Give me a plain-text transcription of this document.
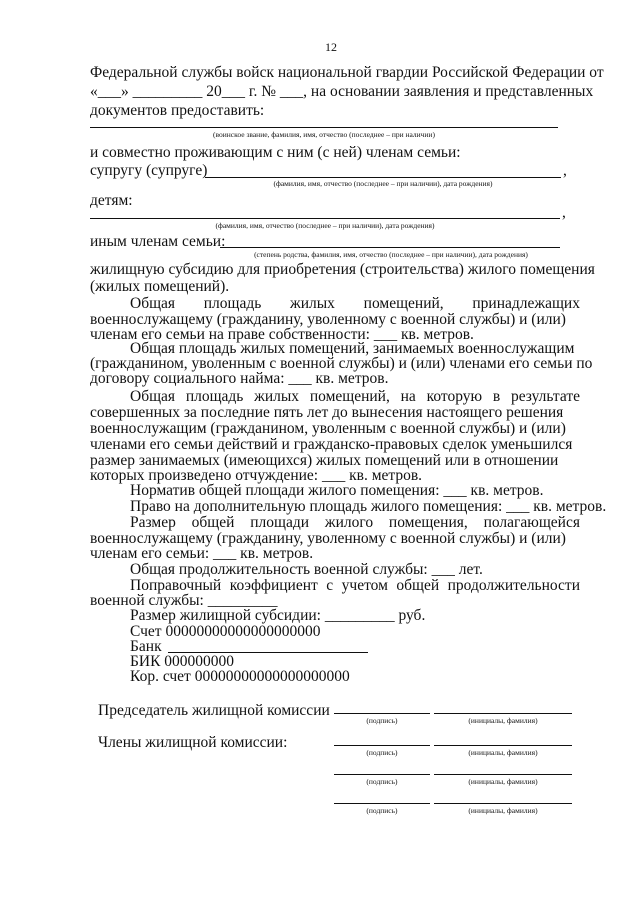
12
Федеральной службы войск национальной гвардии Российской Федерации от
«___» _________ 20___ г. № ___, на основании заявления и представленных
документов предоставить:
(воинское звание, фамилия, имя, отчество (последнее – при наличии)
и совместно проживающим с ним (с ней) членам семьи:
супругу (супруге)	,
(фамилия, имя, отчество (последнее – при наличии), дата рождения)
детям:
,
(фамилия, имя, отчество (последнее – при наличии), дата рождения)
иным членам семьи:
(степень родства, фамилия, имя, отчество (последнее – при наличии), дата рождения)
жилищную субсидию для приобретения (строительства) жилого помещения
(жилых помещений).
Общая площадь жилых помещений, принадлежащих
военнослужащему (гражданину, уволенному с военной службы) и (или)
членам его семьи на праве собственности: ___ кв. метров.
Общая площадь жилых помещений, занимаемых военнослужащим
(гражданином, уволенным с военной службы) и (или) членами его семьи по
договору социального найма: ___ кв. метров.
Общая площадь жилых помещений, на которую в результате
совершенных за последние пять лет до вынесения настоящего решения
военнослужащим (гражданином, уволенным с военной службы) и (или)
членами его семьи действий и гражданско-правовых сделок уменьшился
размер занимаемых (имеющихся) жилых помещений или в отношении
которых произведено отчуждение: ___ кв. метров.
Норматив общей площади жилого помещения: ___ кв. метров.
Право на дополнительную площадь жилого помещения: ___ кв. метров.
Размер общей площади жилого помещения, полагающейся
военнослужащему (гражданину, уволенному с военной службы) и (или)
членам его семьи: ___ кв. метров.
Общая продолжительность военной службы: ___ лет.
Поправочный коэффициент с учетом общей продолжительности
военной службы: _________
Размер жилищной субсидии: _________ руб.
Счет 00000000000000000000
Банк
БИК 000000000
Кор. счет 00000000000000000000
Председатель жилищной комиссии
(подпись)	(инициалы, фамилия)
Члены жилищной комиссии:
(подпись)	(инициалы, фамилия)
(подпись)	(инициалы, фамилия)
(подпись)	(инициалы, фамилия)
